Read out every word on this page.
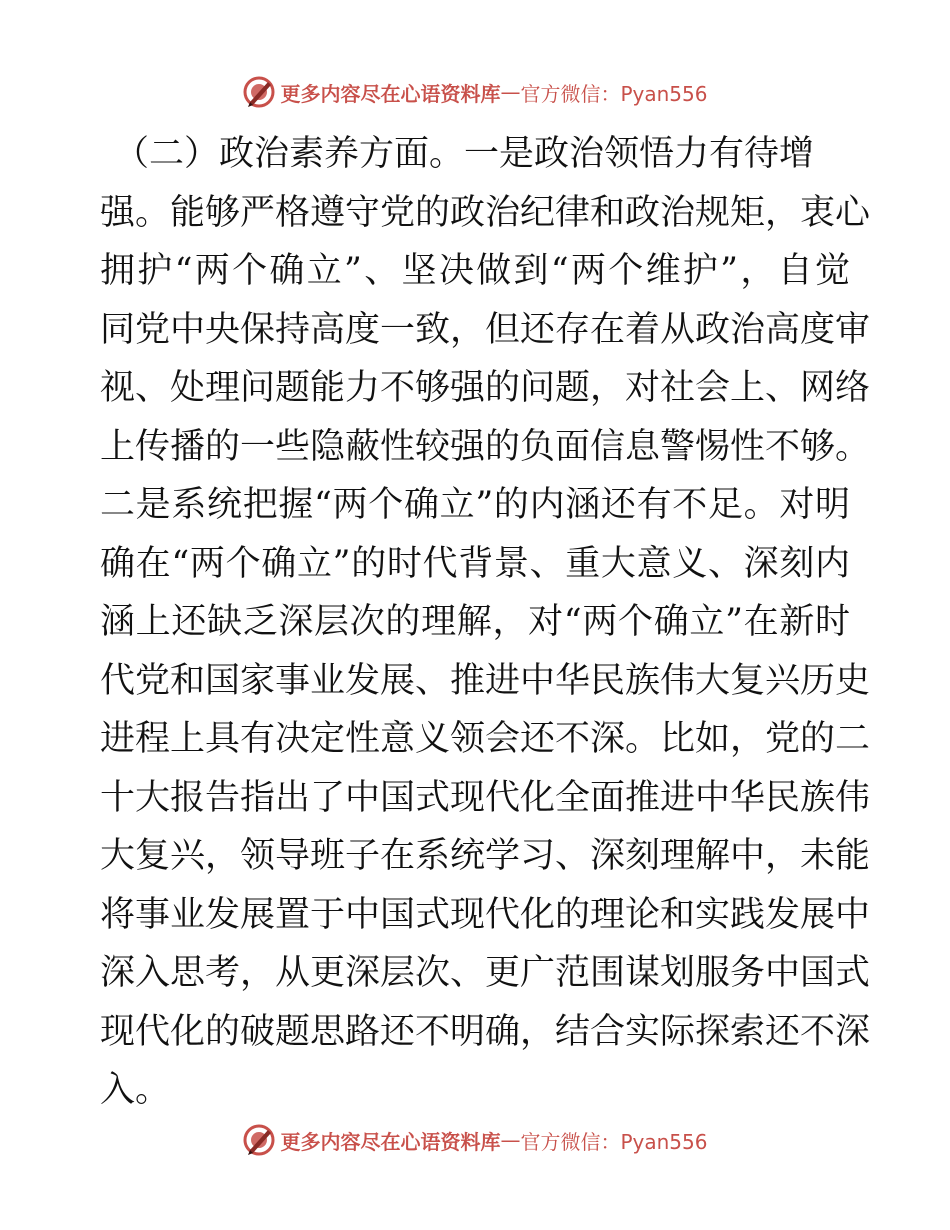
更多内容尽在心语资料库 — 官方微信：Pyan556
（二）政治素养方面。一是政治领悟力有待增
强。能够严格遵守党的政治纪律和政治规矩，衷心
拥护“两个确立”、坚决做到“两个维护”，自觉
同党中央保持高度一致，但还存在着从政治高度审
视、处理问题能力不够强的问题，对社会上、网络
上传播的一些隐蔽性较强的负面信息警惕性不够。
二是系统把握“两个确立”的内涵还有不足。对明
确在“两个确立”的时代背景、重大意义、深刻内
涵上还缺乏深层次的理解，对“两个确立”在新时
代党和国家事业发展、推进中华民族伟大复兴历史
进程上具有决定性意义领会还不深。比如，党的二
十大报告指出了中国式现代化全面推进中华民族伟
大复兴，领导班子在系统学习、深刻理解中，未能
将事业发展置于中国式现代化的理论和实践发展中
深入思考，从更深层次、更广范围谋划服务中国式
现代化的破题思路还不明确，结合实际探索还不深
入。
更多内容尽在心语资料库 — 官方微信：Pyan556
